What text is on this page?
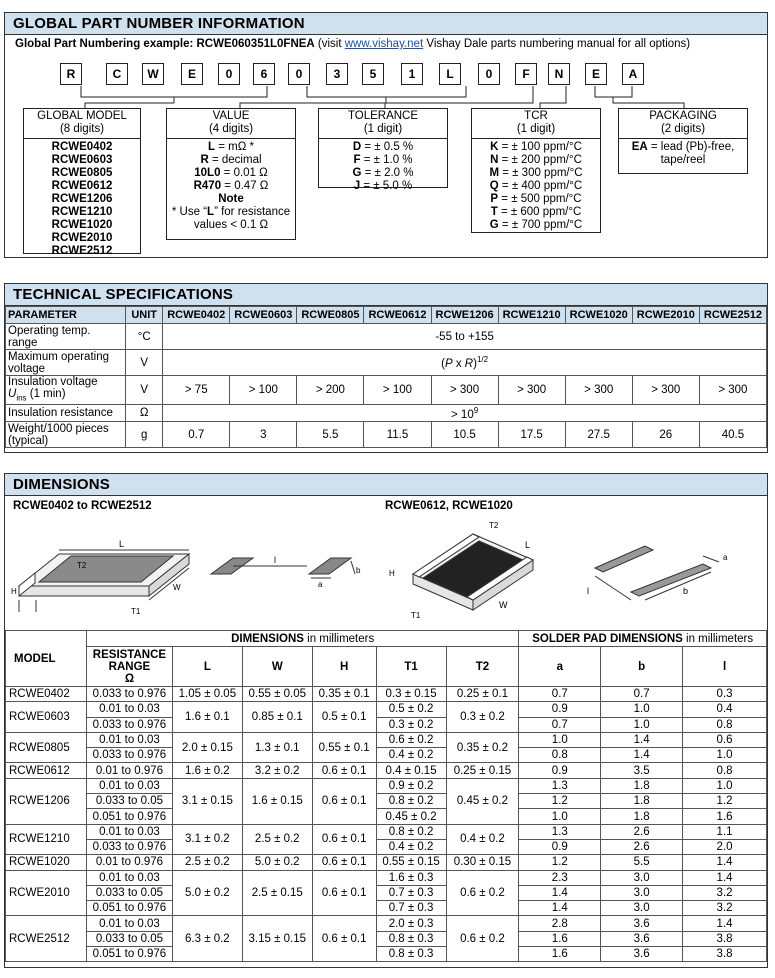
GLOBAL PART NUMBER INFORMATION
Global Part Numbering example: RCWE060351L0FNEA (visit www.vishay.net Vishay Dale parts numbering manual for all options)
R	C	W	E	0	6	0	3	5	1	L	0	F	N	E	A
GLOBAL MODEL
(8 digits)
RCWE0402
RCWE0603
RCWE0805
RCWE0612
RCWE1206
RCWE1210
RCWE1020
RCWE2010
RCWE2512
VALUE
(4 digits)
L = mΩ *
R = decimal
10L0 = 0.01 Ω
R470 = 0.47 Ω
Note
* Use “L” for resistance
values < 0.1 Ω
TOLERANCE
(1 digit)
D = ± 0.5 %
F = ± 1.0 %
G = ± 2.0 %
J = ± 5.0 %
TCR
(1 digit)
K = ± 100 ppm/°C
N = ± 200 ppm/°C
M = ± 300 ppm/°C
Q = ± 400 ppm/°C
P = ± 500 ppm/°C
T = ± 600 ppm/°C
G = ± 700 ppm/°C
PACKAGING
(2 digits)
EA = lead (Pb)-free,
tape/reel
TECHNICAL SPECIFICATIONS
PARAMETER	UNIT	RCWE0402	RCWE0603	RCWE0805	RCWE0612	RCWE1206	RCWE1210	RCWE1020	RCWE2010	RCWE2512
Operating temp.
range	°C	-55 to +155								
Maximum operating
voltage	V	(P x R)$^{1/2}$
Insulation voltage
$U_{ins}$ (1 min)	V	> 75	> 100	> 200	> 100	> 300	> 300	> 300	> 300	> 300
Insulation resistance	Ω	> $10^9$
Weight/1000 pieces
(typical)	g	0.7	3	5.5	11.5	10.5	17.5	27.5	26	40.5
DIMENSIONS
RCWE0402 to RCWE2512	RCWE0612, RCWE1020
L
T2
H	W
T1
l
a
b
T2
L
H
W
T1
l
a
b
MODEL	DIMENSIONS in millimeters						SOLDER PAD DIMENSIONS in millimeters		
	RESISTANCE
RANGE
Ω	L	W	H	T1	T2	a	b	l
RCWE0402	0.033 to 0.976	1.05 ± 0.05	0.55 ± 0.05	0.35 ± 0.1	0.3 ± 0.15	0.25 ± 0.1	0.7	0.7	0.3
RCWE0603	0.01 to 0.03	1.6 ± 0.1	0.85 ± 0.1	0.5 ± 0.1	0.5 ± 0.2	0.3 ± 0.2	0.9	1.0	0.4
	0.033 to 0.976				0.3 ± 0.2		0.7	1.0	0.8
RCWE0805	0.01 to 0.03	2.0 ± 0.15	1.3 ± 0.1	0.55 ± 0.1	0.6 ± 0.2	0.35 ± 0.2	1.0	1.4	0.6
	0.033 to 0.976				0.4 ± 0.2		0.8	1.4	1.0
RCWE0612	0.01 to 0.976	1.6 ± 0.2	3.2 ± 0.2	0.6 ± 0.1	0.4 ± 0.15	0.25 ± 0.15	0.9	3.5	0.8
RCWE1206	0.01 to 0.03	3.1 ± 0.15	1.6 ± 0.15	0.6 ± 0.1	0.9 ± 0.2	0.45 ± 0.2	1.3	1.8	1.0
	0.033 to 0.05				0.8 ± 0.2		1.2	1.8	1.2
	0.051 to 0.976				0.45 ± 0.2		1.0	1.8	1.6
RCWE1210	0.01 to 0.03	3.1 ± 0.2	2.5 ± 0.2	0.6 ± 0.1	0.8 ± 0.2	0.4 ± 0.2	1.3	2.6	1.1
	0.033 to 0.976				0.4 ± 0.2		0.9	2.6	2.0
RCWE1020	0.01 to 0.976	2.5 ± 0.2	5.0 ± 0.2	0.6 ± 0.1	0.55 ± 0.15	0.30 ± 0.15	1.2	5.5	1.4
RCWE2010	0.01 to 0.03	5.0 ± 0.2	2.5 ± 0.15	0.6 ± 0.1	1.6 ± 0.3	0.6 ± 0.2	2.3	3.0	1.4
	0.033 to 0.05				0.7 ± 0.3		1.4	3.0	3.2
	0.051 to 0.976				0.7 ± 0.3		1.4	3.0	3.2
RCWE2512	0.01 to 0.03	6.3 ± 0.2	3.15 ± 0.15	0.6 ± 0.1	2.0 ± 0.3	0.6 ± 0.2	2.8	3.6	1.4
	0.033 to 0.05				0.8 ± 0.3		1.6	3.6	3.8
	0.051 to 0.976				0.8 ± 0.3		1.6	3.6	3.8
